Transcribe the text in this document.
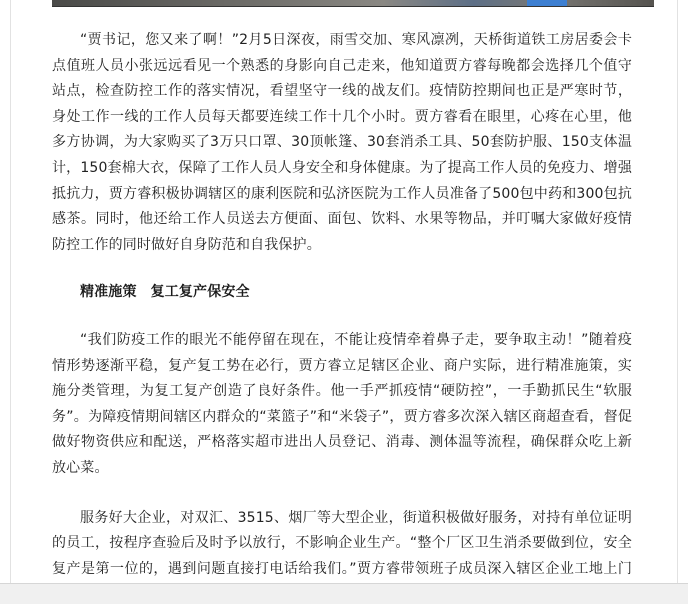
“贾书记，您又来了啊！”2月5日深夜，雨雪交加、寒风凛冽，天桥街道铁工房居委会卡点值班人员小张远远看见一个熟悉的身影向自己走来，他知道贾方睿每晚都会选择几个值守站点，检查防控工作的落实情况，看望坚守一线的战友们。疫情防控期间也正是严寒时节，身处工作一线的工作人员每天都要连续工作十几个小时。贾方睿看在眼里，心疼在心里，他多方协调，为大家购买了3万只口罩、30顶帐篷、30套消杀工具、50套防护服、150支体温计，150套棉大衣，保障了工作人员人身安全和身体健康。为了提高工作人员的免疫力、增强抵抗力，贾方睿积极协调辖区的康利医院和弘济医院为工作人员准备了500包中药和300包抗感茶。同时，他还给工作人员送去方便面、面包、饮料、水果等物品，并叮嘱大家做好疫情防控工作的同时做好自身防范和自我保护。

精准施策 复工复产保安全

“我们防疫工作的眼光不能停留在现在，不能让疫情牵着鼻子走，要争取主动！”随着疫情形势逐渐平稳，复产复工势在必行，贾方睿立足辖区企业、商户实际，进行精准施策，实施分类管理，为复工复产创造了良好条件。他一手严抓疫情“硬防控”，一手勤抓民生“软服务”。为障疫情期间辖区内群众的“菜篮子”和“米袋子”，贾方睿多次深入辖区商超查看，督促做好物资供应和配送，严格落实超市进出人员登记、消毒、测体温等流程，确保群众吃上新放心菜。

服务好大企业，对双汇、3515、烟厂等大型企业，街道积极做好服务，对持有单位证明的员工，按程序查验后及时予以放行，不影响企业生产。“整个厂区卫生消杀要做到位，安全复产是第一位的，遇到问题直接打电话给我们。”贾方睿带领班子成员深入辖区企业工地上门
